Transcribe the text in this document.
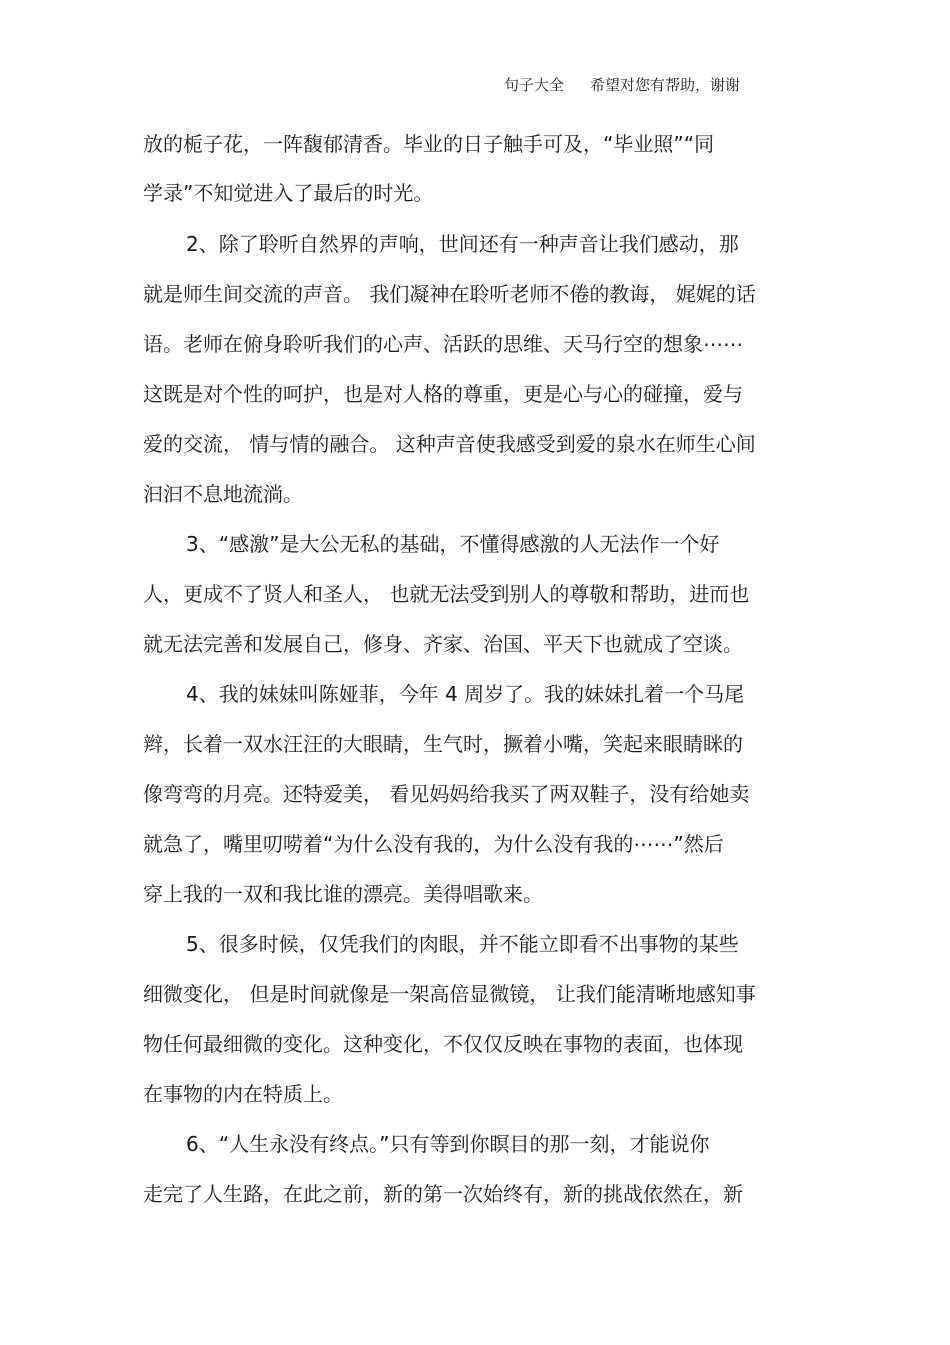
句子大全 希望对您有帮助，谢谢
放的栀子花，一阵馥郁清香。毕业的日子触手可及，“毕业照”“同
学录”不知觉进入了最后的时光。
2、除了聆听自然界的声响，世间还有一种声音让我们感动，那
就是师生间交流的声音。 我们凝神在聆听老师不倦的教诲， 娓娓的话
语。老师在俯身聆听我们的心声、活跃的思维、天马行空的想象⋯⋯
这既是对个性的呵护，也是对人格的尊重，更是心与心的碰撞，爱与
爱的交流， 情与情的融合。 这种声音使我感受到爱的泉水在师生心间
汩汩不息地流淌。
3、“感激”是大公无私的基础，不懂得感激的人无法作一个好
人，更成不了贤人和圣人， 也就无法受到别人的尊敬和帮助，进而也
就无法完善和发展自己，修身、齐家、治国、平天下也就成了空谈。
4、我的妹妹叫陈娅菲，今年 4 周岁了。我的妹妹扎着一个马尾
辫，长着一双水汪汪的大眼睛，生气时，撅着小嘴，笑起来眼睛眯的
像弯弯的月亮。还特爱美， 看见妈妈给我买了两双鞋子，没有给她卖
就急了，嘴里叨唠着“为什么没有我的，为什么没有我的⋯⋯”然后
穿上我的一双和我比谁的漂亮。美得唱歌来。
5、很多时候，仅凭我们的肉眼，并不能立即看不出事物的某些
细微变化， 但是时间就像是一架高倍显微镜， 让我们能清晰地感知事
物任何最细微的变化。这种变化，不仅仅反映在事物的表面，也体现
在事物的内在特质上。
6、“人生永没有终点。”只有等到你瞑目的那一刻，才能说你
走完了人生路，在此之前，新的第一次始终有，新的挑战依然在，新
